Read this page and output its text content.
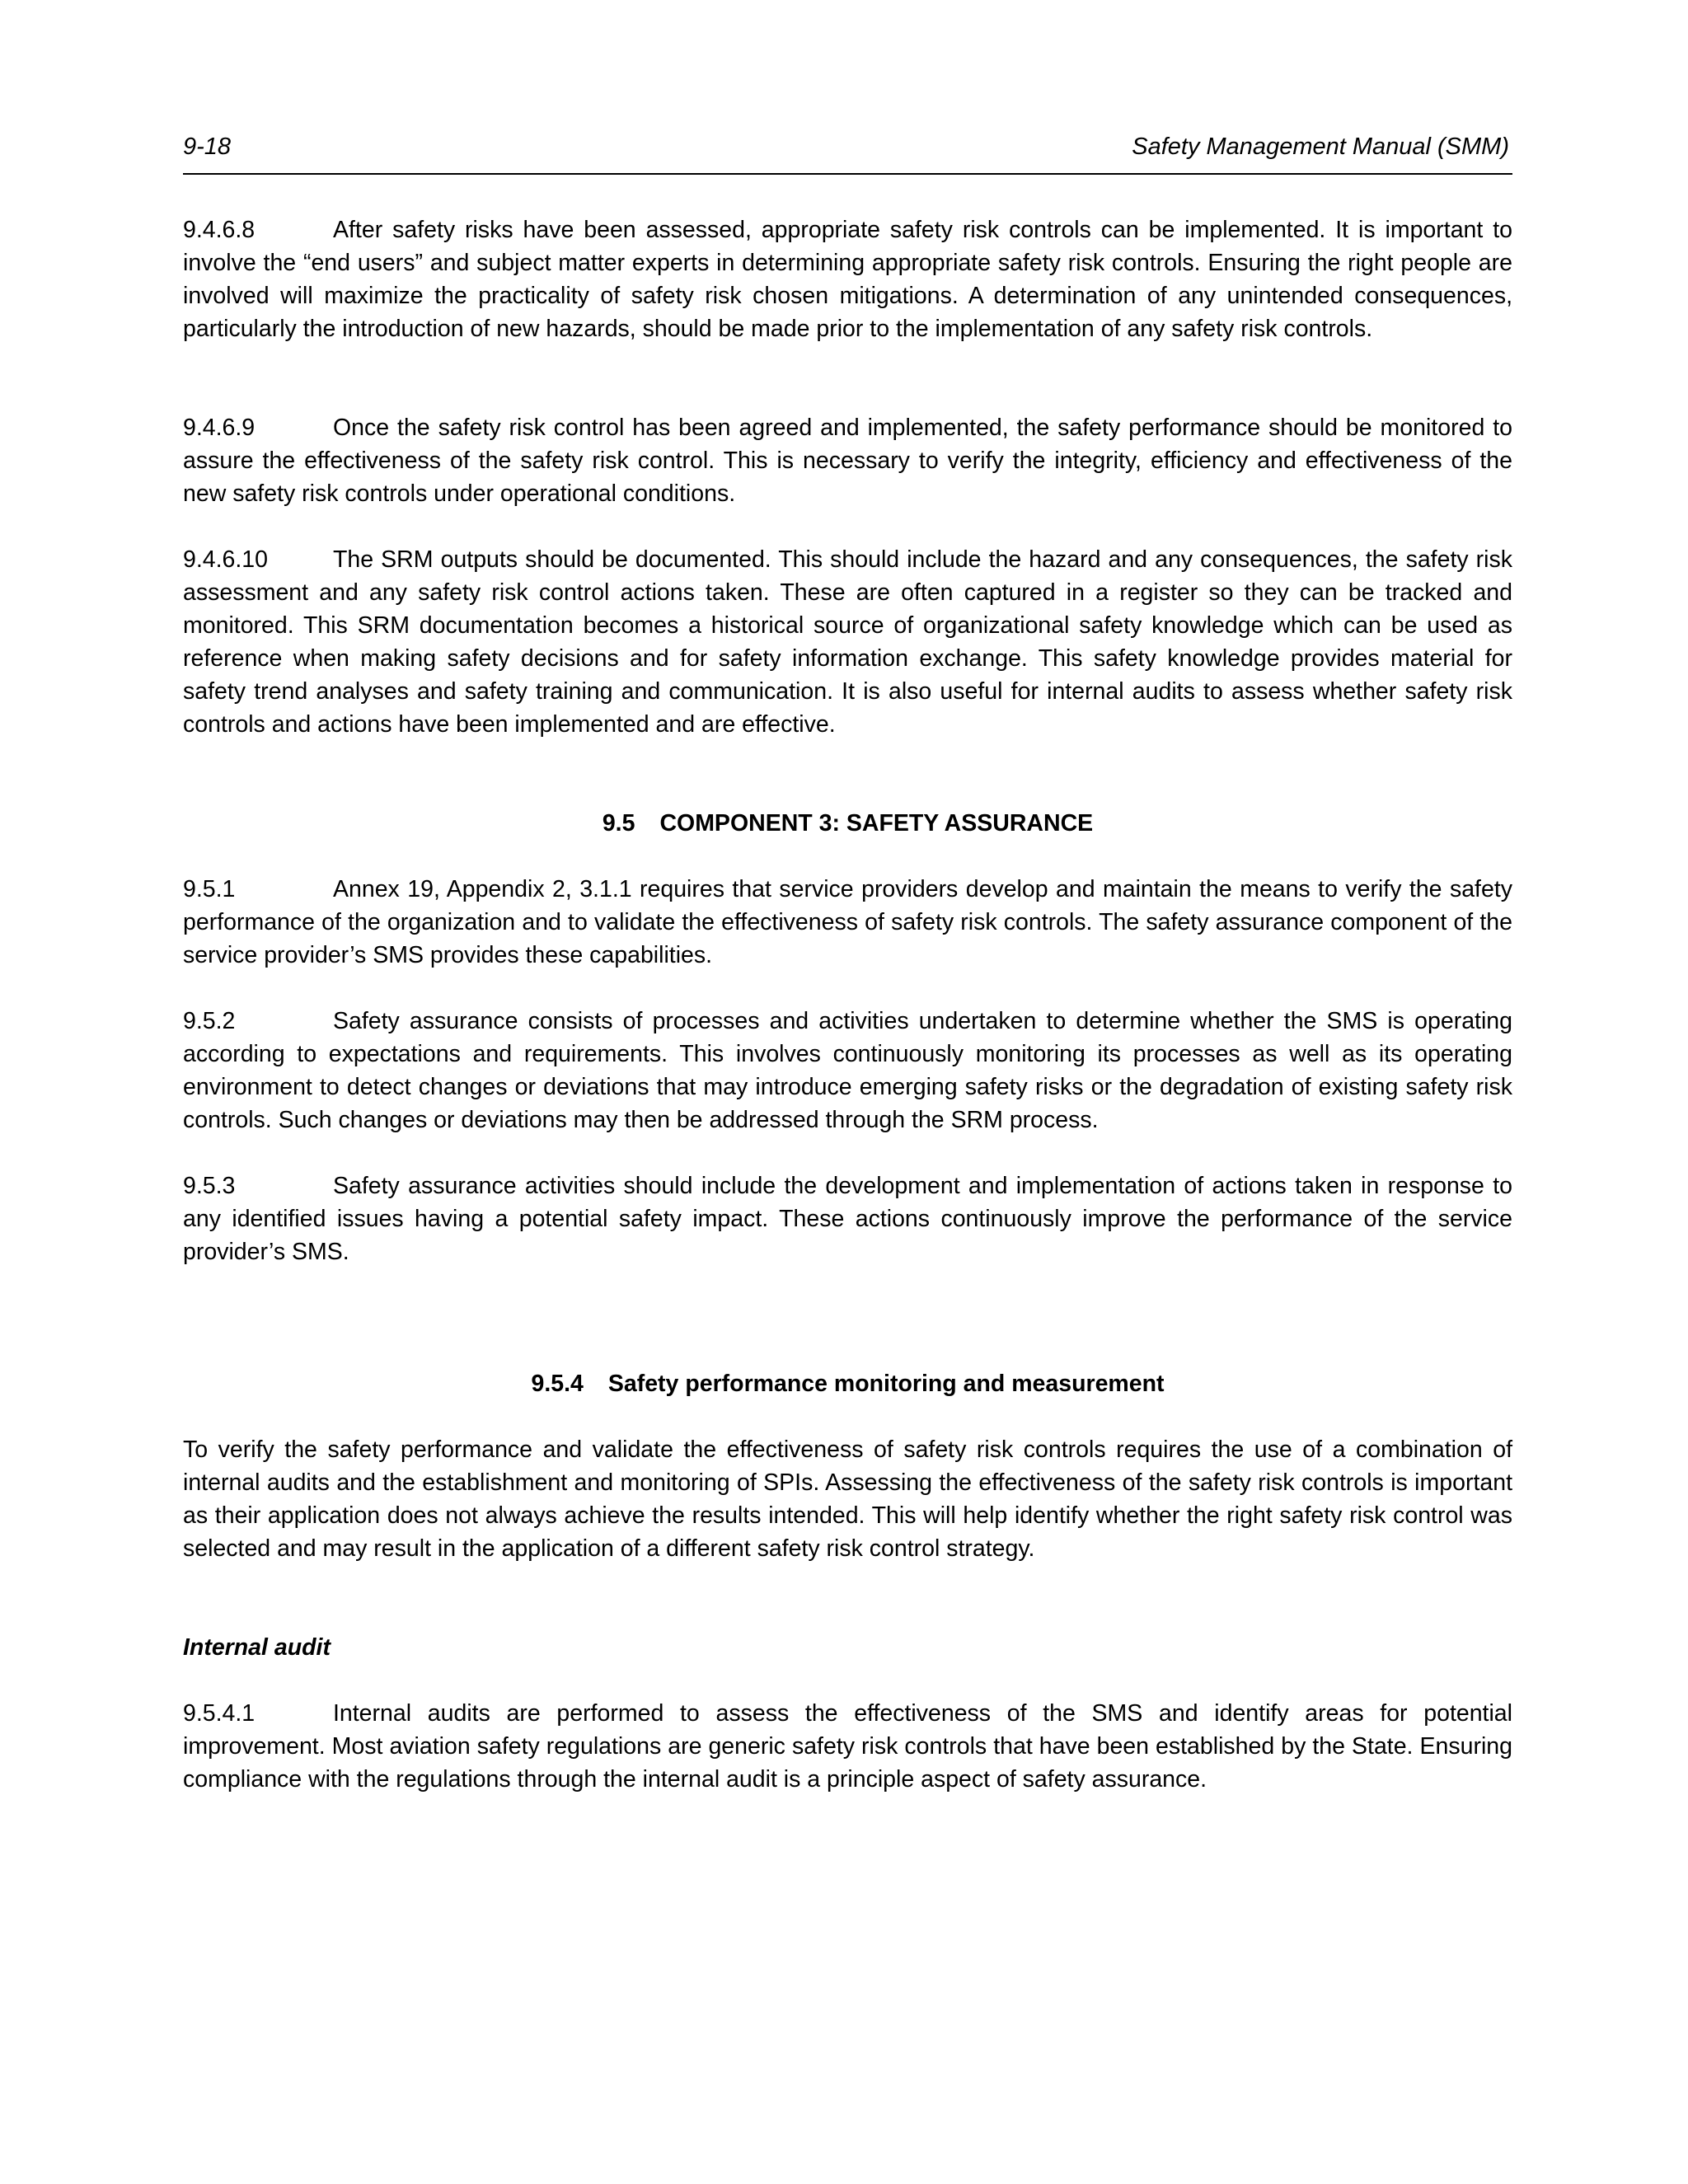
9-18	Safety Management Manual (SMM)
9.4.6.8	After safety risks have been assessed, appropriate safety risk controls can be implemented. It is important to involve the “end users” and subject matter experts in determining appropriate safety risk controls. Ensuring the right people are involved will maximize the practicality of safety risk chosen mitigations. A determination of any unintended consequences, particularly the introduction of new hazards, should be made prior to the implementation of any safety risk controls.
9.4.6.9	Once the safety risk control has been agreed and implemented, the safety performance should be monitored to assure the effectiveness of the safety risk control. This is necessary to verify the integrity, efficiency and effectiveness of the new safety risk controls under operational conditions.
9.4.6.10	The SRM outputs should be documented. This should include the hazard and any consequences, the safety risk assessment and any safety risk control actions taken. These are often captured in a register so they can be tracked and monitored. This SRM documentation becomes a historical source of organizational safety knowledge which can be used as reference when making safety decisions and for safety information exchange. This safety knowledge provides material for safety trend analyses and safety training and communication. It is also useful for internal audits to assess whether safety risk controls and actions have been implemented and are effective.
9.5 COMPONENT 3: SAFETY ASSURANCE
9.5.1	Annex 19, Appendix 2, 3.1.1 requires that service providers develop and maintain the means to verify the safety performance of the organization and to validate the effectiveness of safety risk controls. The safety assurance component of the service provider’s SMS provides these capabilities.
9.5.2	Safety assurance consists of processes and activities undertaken to determine whether the SMS is operating according to expectations and requirements. This involves continuously monitoring its processes as well as its operating environment to detect changes or deviations that may introduce emerging safety risks or the degradation of existing safety risk controls. Such changes or deviations may then be addressed through the SRM process.
9.5.3	Safety assurance activities should include the development and implementation of actions taken in response to any identified issues having a potential safety impact. These actions continuously improve the performance of the service provider’s SMS.
9.5.4 Safety performance monitoring and measurement
To verify the safety performance and validate the effectiveness of safety risk controls requires the use of a combination of internal audits and the establishment and monitoring of SPIs. Assessing the effectiveness of the safety risk controls is important as their application does not always achieve the results intended. This will help identify whether the right safety risk control was selected and may result in the application of a different safety risk control strategy.
Internal audit
9.5.4.1	Internal audits are performed to assess the effectiveness of the SMS and identify areas for potential improvement. Most aviation safety regulations are generic safety risk controls that have been established by the State. Ensuring compliance with the regulations through the internal audit is a principle aspect of safety assurance.
